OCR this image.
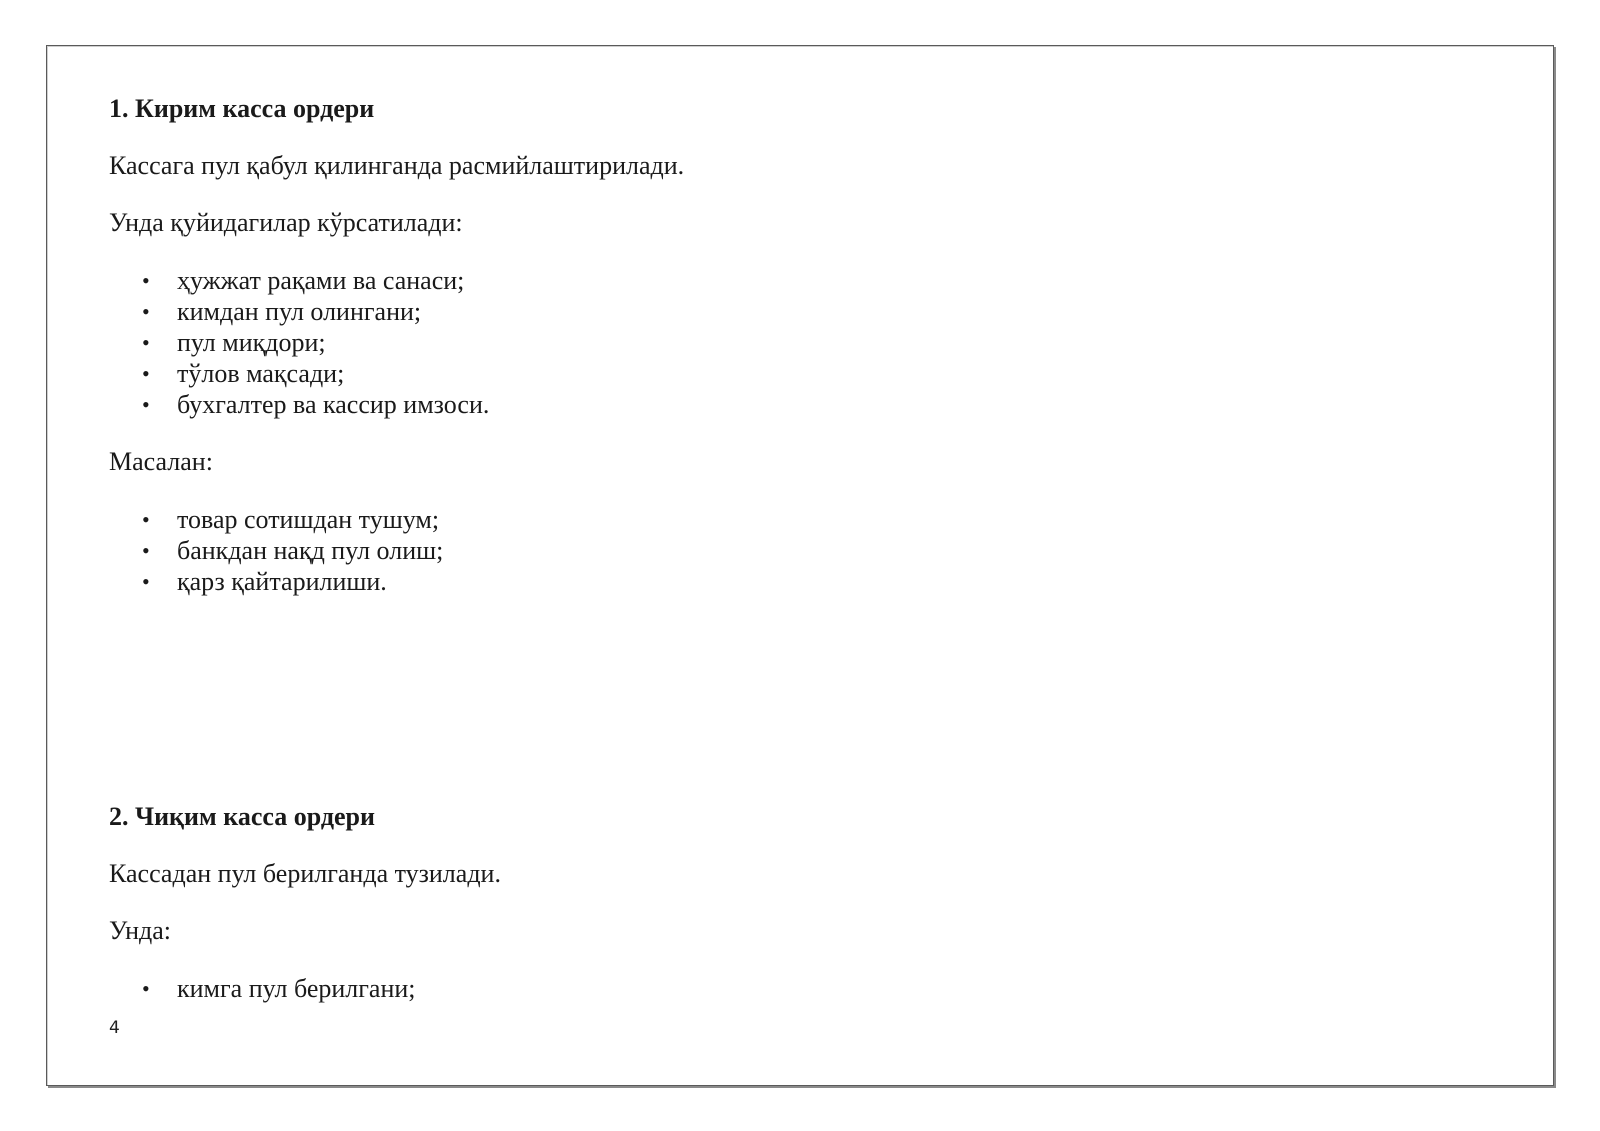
1. Кирим касса ордери

Кассага пул қабул қилинганда расмийлаштирилади.

Унда қуйидагилар кўрсатилади:

• ҳужжат рақами ва санаси;
• кимдан пул олингани;
• пул миқдори;
• тўлов мақсади;
• бухгалтер ва кассир имзоси.

Масалан:

• товар сотишдан тушум;
• банкдан нақд пул олиш;
• қарз қайтарилиши.
2. Чиқим касса ордери

Кассадан пул берилганда тузилади.

Унда:

• кимга пул берилгани;
4
